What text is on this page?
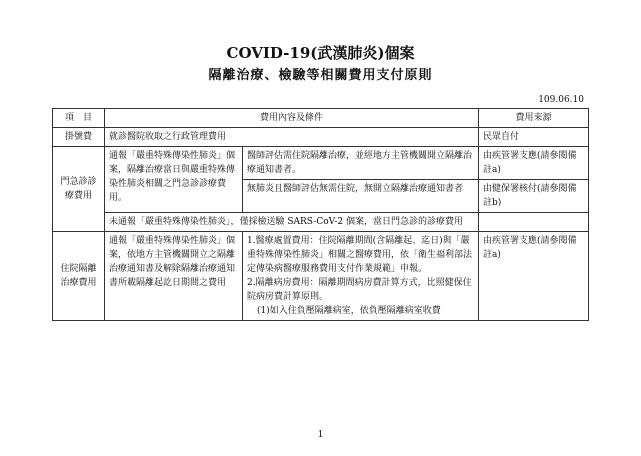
COVID-19(武漢肺炎)個案
隔離治療、檢驗等相關費用支付原則
109.06.10
項　目	費用內容及條件		費用來源
掛號費	就診醫院收取之行政管理費用		民眾自付
門急診診療費用	通報「嚴重特殊傳染性肺炎」個案，隔離治療當日與嚴重特殊傳染性肺炎相關之門急診診療費用。	醫師評估需住院隔離治療，並經地方主管機關開立隔離治療通知書者。	由疾管署支應(請參閱備註a)
		無肺炎且醫師評估無需住院，無開立隔離治療通知書者	由健保署核付(請參閱備註b)
	未通報「嚴重特殊傳染性肺炎」，僅採檢送驗 SARS-CoV-2 個案，當日門急診的診療費用		
住院隔離治療費用	通報「嚴重特殊傳染性肺炎」個案，依地方主管機關開立之隔離治療通知書及解除隔離治療通知書所載隔離起訖日期間之費用	1.醫療處置費用：住院隔離期間(含隔離起、迄日)與「嚴重特殊傳染性肺炎」相關之醫療費用，依「衛生福利部法定傳染病醫療服務費用支付作業規範」申報。
2.隔離病房費用：隔離期間病房費計算方式，比照健保住院病房費計算原則。
(1)如入住負壓隔離病室，依負壓隔離病室收費	由疾管署支應(請參閱備註a)
1
